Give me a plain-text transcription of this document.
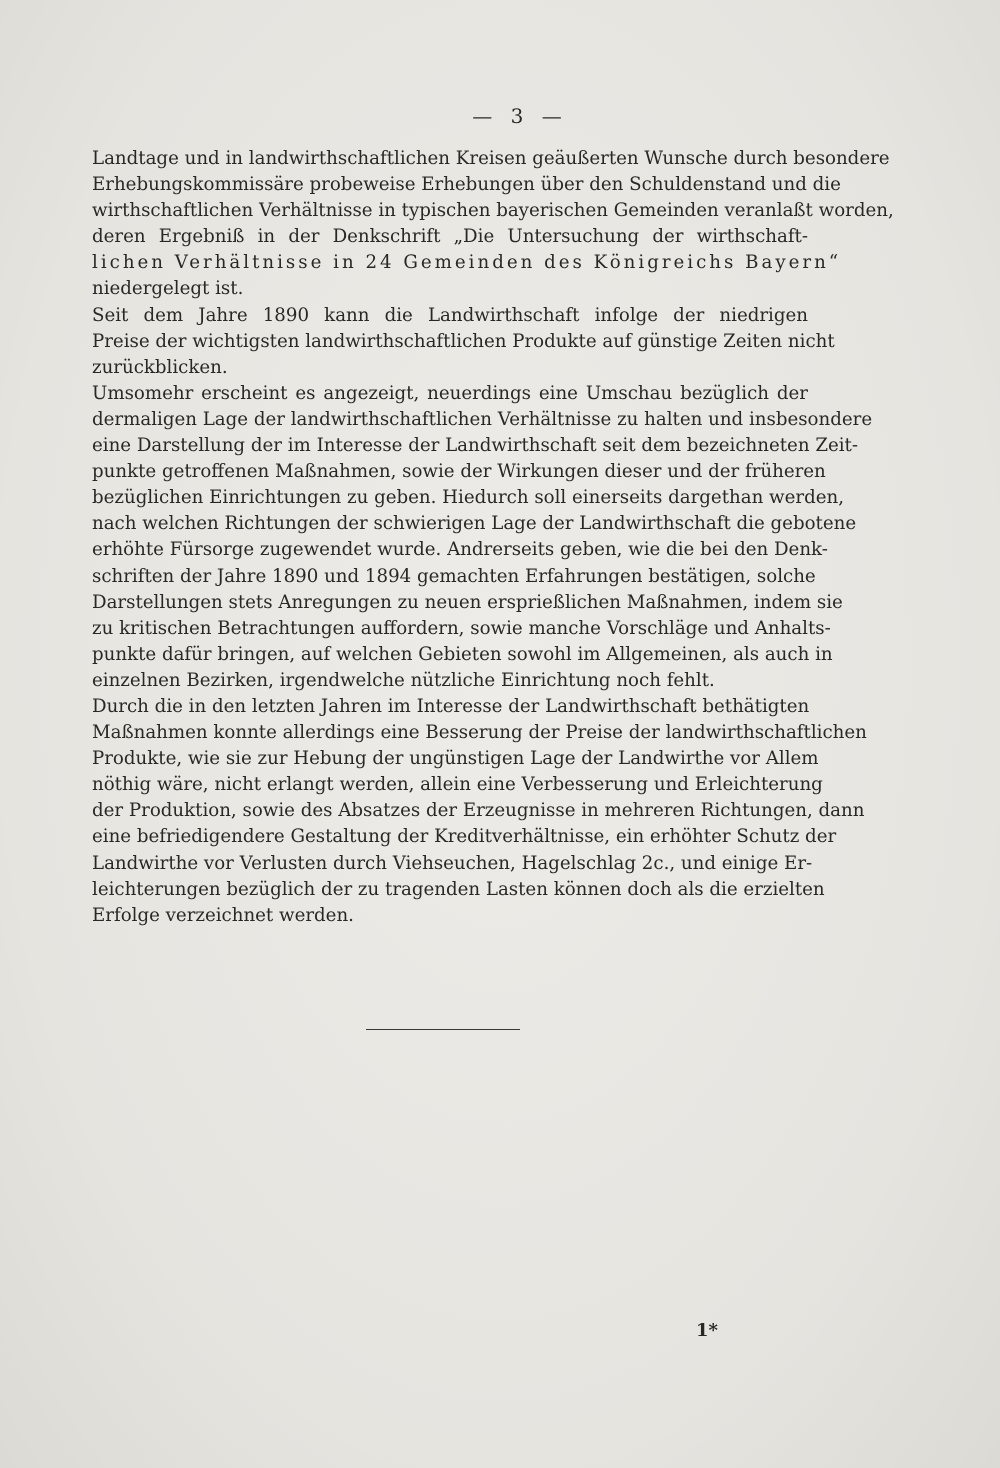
— 3 —
Landtage und in landwirthschaftlichen Kreisen geäußerten Wunsche durch besondere
Erhebungskommissäre probeweise Erhebungen über den Schuldenstand und die
wirthschaftlichen Verhältnisse in typischen bayerischen Gemeinden veranlaßt worden,
deren Ergebniß in der Denkschrift „Die Untersuchung der wirthschaft-
lichen Verhältnisse in 24 Gemeinden des Königreichs Bayern“
niedergelegt ist.
Seit dem Jahre 1890 kann die Landwirthschaft infolge der niedrigen
Preise der wichtigsten landwirthschaftlichen Produkte auf günstige Zeiten nicht
zurückblicken.
Umsomehr erscheint es angezeigt, neuerdings eine Umschau bezüglich der
dermaligen Lage der landwirthschaftlichen Verhältnisse zu halten und insbesondere
eine Darstellung der im Interesse der Landwirthschaft seit dem bezeichneten Zeit-
punkte getroffenen Maßnahmen, sowie der Wirkungen dieser und der früheren
bezüglichen Einrichtungen zu geben. Hiedurch soll einerseits dargethan werden,
nach welchen Richtungen der schwierigen Lage der Landwirthschaft die gebotene
erhöhte Fürsorge zugewendet wurde. Andrerseits geben, wie die bei den Denk-
schriften der Jahre 1890 und 1894 gemachten Erfahrungen bestätigen, solche
Darstellungen stets Anregungen zu neuen ersprießlichen Maßnahmen, indem sie
zu kritischen Betrachtungen auffordern, sowie manche Vorschläge und Anhalts-
punkte dafür bringen, auf welchen Gebieten sowohl im Allgemeinen, als auch in
einzelnen Bezirken, irgendwelche nützliche Einrichtung noch fehlt.
Durch die in den letzten Jahren im Interesse der Landwirthschaft bethätigten
Maßnahmen konnte allerdings eine Besserung der Preise der landwirthschaftlichen
Produkte, wie sie zur Hebung der ungünstigen Lage der Landwirthe vor Allem
nöthig wäre, nicht erlangt werden, allein eine Verbesserung und Erleichterung
der Produktion, sowie des Absatzes der Erzeugnisse in mehreren Richtungen, dann
eine befriedigendere Gestaltung der Kreditverhältnisse, ein erhöhter Schutz der
Landwirthe vor Verlusten durch Viehseuchen, Hagelschlag 2c., und einige Er-
leichterungen bezüglich der zu tragenden Lasten können doch als die erzielten
Erfolge verzeichnet werden.
1*
